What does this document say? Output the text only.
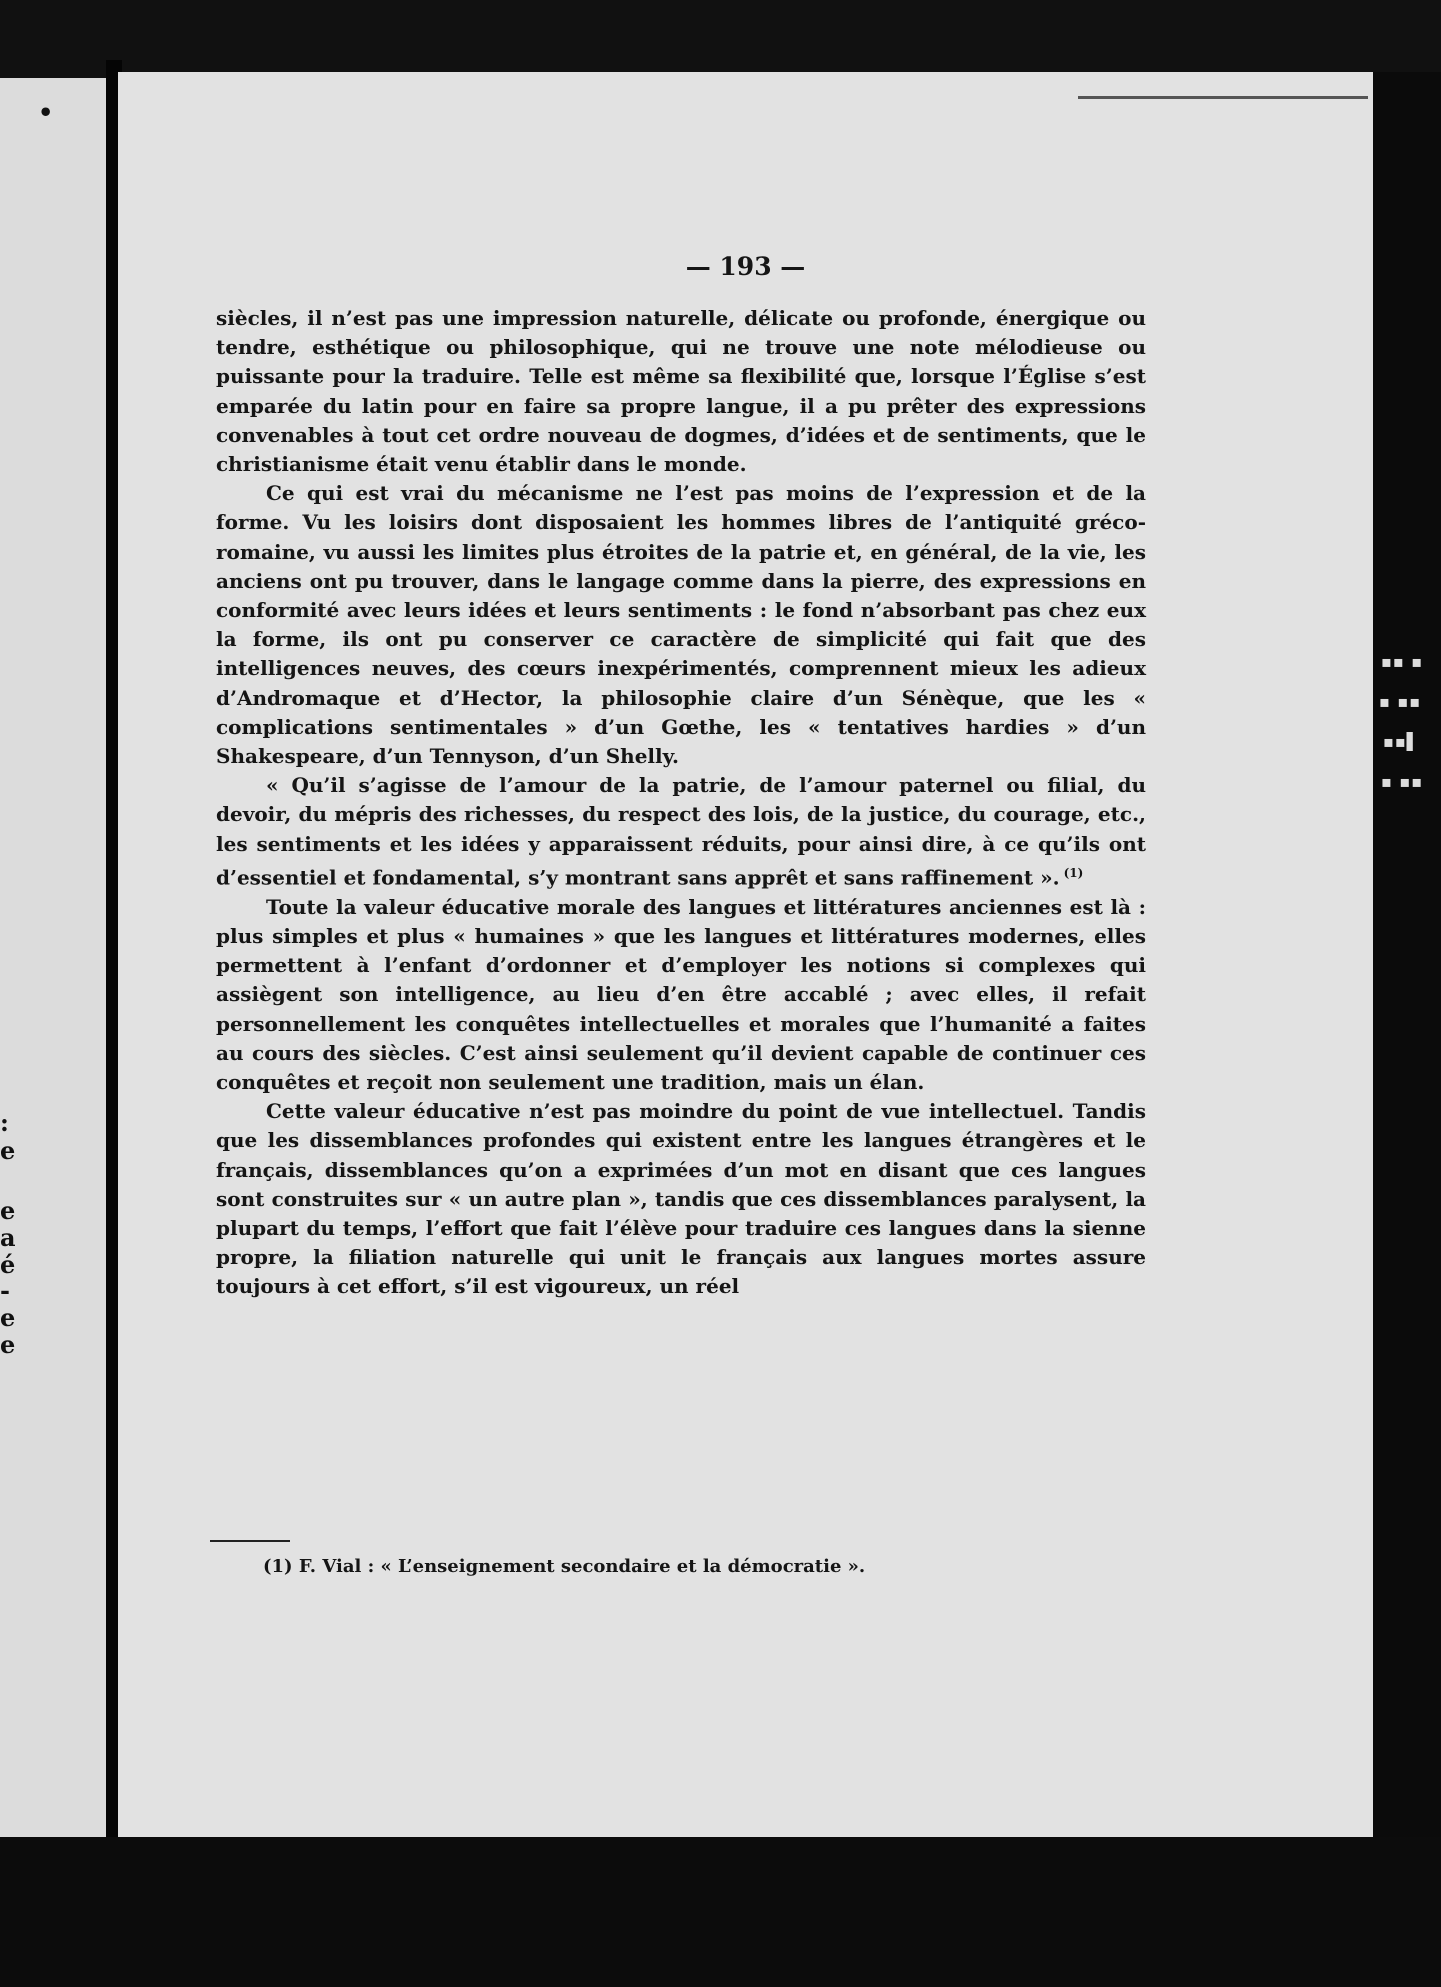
•
:
e
e
a
é
-
e
e
▪▪ ▪
▪ ▪▪
▪▪▌
▪ ▪▪
— 193 —

siècles, il n’est pas une impression naturelle, délicate ou profonde, énergique ou tendre, esthétique ou philosophique, qui ne trouve une note mélodieuse ou puissante pour la traduire. Telle est même sa flexibilité que, lorsque l’Église s’est emparée du latin pour en faire sa propre langue, il a pu prêter des expressions convenables à tout cet ordre nouveau de dogmes, d’idées et de sentiments, que le christianisme était venu établir dans le monde.

Ce qui est vrai du mécanisme ne l’est pas moins de l’expression et de la forme. Vu les loisirs dont disposaient les hommes libres de l’antiquité gréco-romaine, vu aussi les limites plus étroites de la patrie et, en général, de la vie, les anciens ont pu trouver, dans le langage comme dans la pierre, des expressions en conformité avec leurs idées et leurs sentiments : le fond n’absorbant pas chez eux la forme, ils ont pu conserver ce caractère de simplicité qui fait que des intelligences neuves, des cœurs inexpérimentés, comprennent mieux les adieux d’Andromaque et d’Hector, la philosophie claire d’un Sénèque, que les « complications sentimentales » d’un Gœthe, les « tentatives hardies » d’un Shakespeare, d’un Tennyson, d’un Shelly.

« Qu’il s’agisse de l’amour de la patrie, de l’amour paternel ou filial, du devoir, du mépris des richesses, du respect des lois, de la justice, du courage, etc., les sentiments et les idées y apparaissent réduits, pour ainsi dire, à ce qu’ils ont d’essentiel et fondamental, s’y montrant sans apprêt et sans raffinement ». $^{(1)}$

Toute la valeur éducative morale des langues et littératures anciennes est là : plus simples et plus « humaines » que les langues et littératures modernes, elles permettent à l’enfant d’ordonner et d’employer les notions si complexes qui assiègent son intelligence, au lieu d’en être accablé ; avec elles, il refait personnellement les conquêtes intellectuelles et morales que l’humanité a faites au cours des siècles. C’est ainsi seulement qu’il devient capable de continuer ces conquêtes et reçoit non seulement une tradition, mais un élan.

Cette valeur éducative n’est pas moindre du point de vue intellectuel. Tandis que les dissemblances profondes qui existent entre les langues étrangères et le français, dissemblances qu’on a exprimées d’un mot en disant que ces langues sont construites sur « un autre plan », tandis que ces dissemblances paralysent, la plupart du temps, l’effort que fait l’élève pour traduire ces langues dans la sienne propre, la filiation naturelle qui unit le français aux langues mortes assure toujours à cet effort, s’il est vigoureux, un réel

(1) F. Vial : « L’enseignement secondaire et la démocratie ».
